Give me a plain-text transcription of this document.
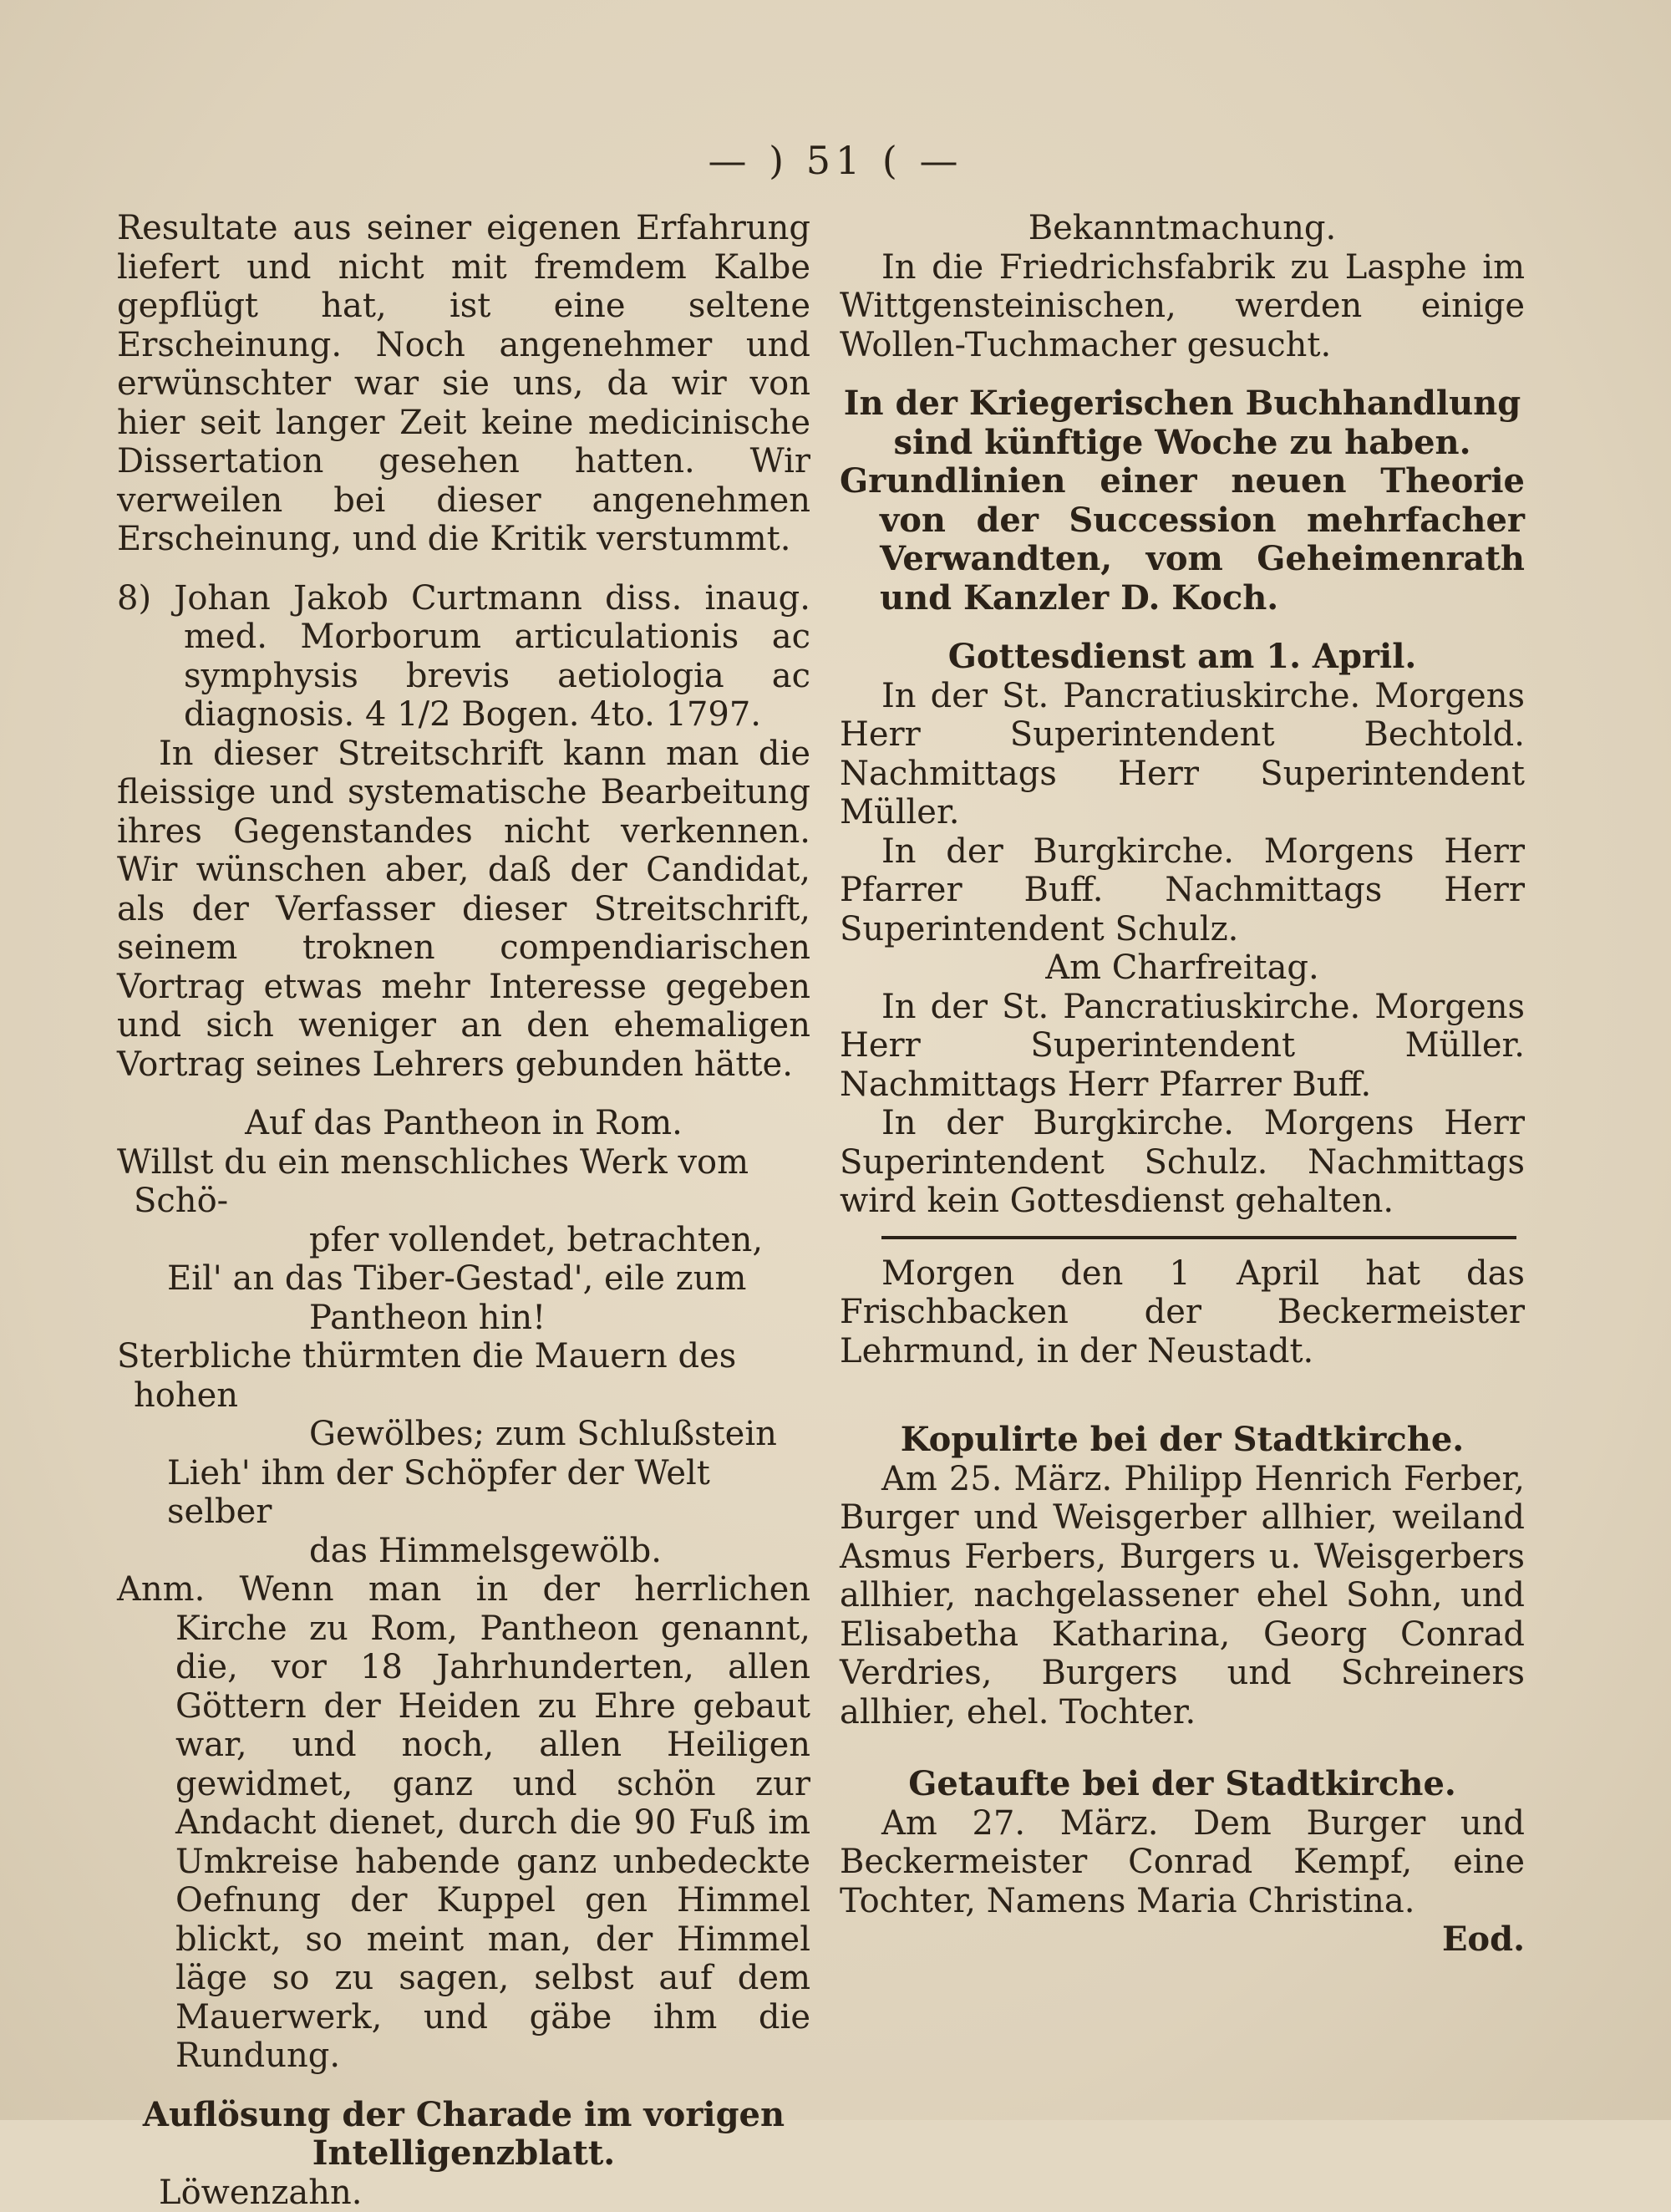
— ) 51 ( —

Resultate aus seiner eigenen Erfahrung liefert und nicht mit fremdem Kalbe gepflügt hat, ist eine seltene Erscheinung. Noch angenehmer und erwünschter war sie uns, da wir von hier seit langer Zeit keine medicinische Dissertation gesehen hatten. Wir verweilen bei dieser angenehmen Erscheinung, und die Kritik verstummt.

8) Johan Jakob Curtmann diss. inaug. med. Morborum articulationis ac symphysis brevis aetiologia ac diagnosis. 4 1/2 Bogen. 4to. 1797.

In dieser Streitschrift kann man die fleissige und systematische Bearbeitung ihres Gegenstandes nicht verkennen. Wir wünschen aber, daß der Candidat, als der Verfasser dieser Streitschrift, seinem troknen compendiarischen Vortrag etwas mehr Interesse gegeben und sich weniger an den ehemaligen Vortrag seines Lehrers gebunden hätte.

Auf das Pantheon in Rom.

Willst du ein menschliches Werk vom Schö-
pfer vollendet, betrachten,
Eil' an das Tiber-Gestad', eile zum
Pantheon hin!
Sterbliche thürmten die Mauern des hohen
Gewölbes; zum Schlußstein
Lieh' ihm der Schöpfer der Welt selber
das Himmelsgewölb.

Anm. Wenn man in der herrlichen Kirche zu Rom, Pantheon genannt, die, vor 18 Jahrhunderten, allen Göttern der Heiden zu Ehre gebaut war, und noch, allen Heiligen gewidmet, ganz und schön zur Andacht dienet, durch die 90 Fuß im Umkreise habende ganz unbedeckte Oefnung der Kuppel gen Himmel blickt, so meint man, der Himmel läge so zu sagen, selbst auf dem Mauerwerk, und gäbe ihm die Rundung.

Auflösung der Charade im vorigen Intelligenzblatt.

Löwenzahn.

Bekanntmachung.

In die Friedrichsfabrik zu Lasphe im Wittgensteinischen, werden einige Wollen-Tuchmacher gesucht.

In der Kriegerischen Buchhandlung sind künftige Woche zu haben.

Grundlinien einer neuen Theorie von der Succession mehrfacher Verwandten, vom Geheimenrath und Kanzler D. Koch.

Gottesdienst am 1. April.

In der St. Pancratiuskirche. Morgens Herr Superintendent Bechtold. Nachmittags Herr Superintendent Müller.

In der Burgkirche. Morgens Herr Pfarrer Buff. Nachmittags Herr Superintendent Schulz.

Am Charfreitag.

In der St. Pancratiuskirche. Morgens Herr Superintendent Müller. Nachmittags Herr Pfarrer Buff.

In der Burgkirche. Morgens Herr Superintendent Schulz. Nachmittags wird kein Gottesdienst gehalten.

Morgen den 1 April hat das Frischbacken der Beckermeister Lehrmund, in der Neustadt.

Kopulirte bei der Stadtkirche.

Am 25. März. Philipp Henrich Ferber, Burger und Weisgerber allhier, weiland Asmus Ferbers, Burgers u. Weisgerbers allhier, nachgelassener ehel Sohn, und Elisabetha Katharina, Georg Conrad Verdries, Burgers und Schreiners allhier, ehel. Tochter.

Getaufte bei der Stadtkirche.

Am 27. März. Dem Burger und Beckermeister Conrad Kempf, eine Tochter, Namens Maria Christina.

Eod.
